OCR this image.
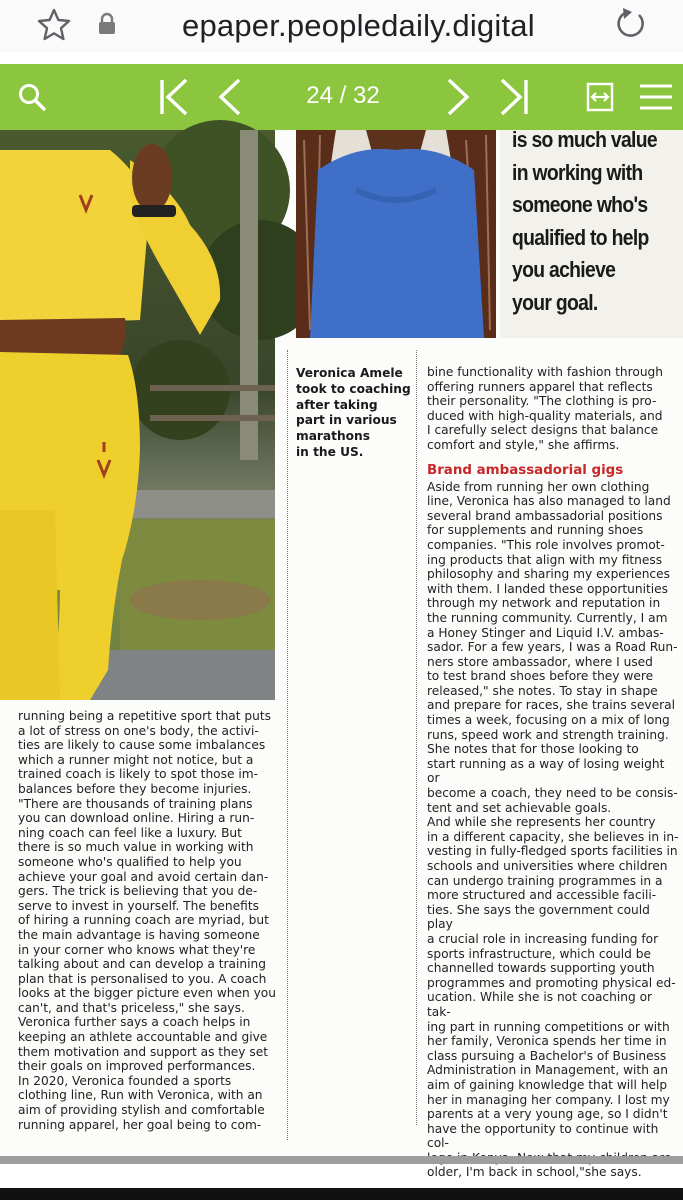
epaper.peopledaily.digital
24 / 32
is so much value
in working with
someone who's
qualified to help
you achieve
your goal.
Veronica Amele
took to coaching
after taking
part in various
marathons
in the US.
running being a repetitive sport that puts
a lot of stress on one's body, the activi-
ties are likely to cause some imbalances
which a runner might not notice, but a
trained coach is likely to spot those im-
balances before they become injuries.
"There are thousands of training plans
you can download online. Hiring a run-
ning coach can feel like a luxury. But
there is so much value in working with
someone who's qualified to help you
achieve your goal and avoid certain dan-
gers. The trick is believing that you de-
serve to invest in yourself. The benefits
of hiring a running coach are myriad, but
the main advantage is having someone
in your corner who knows what they're
talking about and can develop a training
plan that is personalised to you. A coach
looks at the bigger picture even when you
can't, and that's priceless," she says.
Veronica further says a coach helps in
keeping an athlete accountable and give
them motivation and support as they set
their goals on improved performances.
In 2020, Veronica founded a sports
clothing line, Run with Veronica, with an
aim of providing stylish and comfortable
running apparel, her goal being to com-
bine functionality with fashion through
offering runners apparel that reflects
their personality. "The clothing is pro-
duced with high-quality materials, and
I carefully select designs that balance
comfort and style," she affirms.
Brand ambassadorial gigs
Aside from running her own clothing
line, Veronica has also managed to land
several brand ambassadorial positions
for supplements and running shoes
companies. "This role involves promot-
ing products that align with my fitness
philosophy and sharing my experiences
with them. I landed these opportunities
through my network and reputation in
the running community. Currently, I am
a Honey Stinger and Liquid I.V. ambas-
sador. For a few years, I was a Road Run-
ners store ambassador, where I used
to test brand shoes before they were
released," she notes. To stay in shape
and prepare for races, she trains several
times a week, focusing on a mix of long
runs, speed work and strength training.
She notes that for those looking to
start running as a way of losing weight or
become a coach, they need to be consis-
tent and set achievable goals.
And while she represents her country
in a different capacity, she believes in in-
vesting in fully-fledged sports facilities in
schools and universities where children
can undergo training programmes in a
more structured and accessible facili-
ties. She says the government could play
a crucial role in increasing funding for
sports infrastructure, which could be
channelled towards supporting youth
programmes and promoting physical ed-
ucation. While she is not coaching or tak-
ing part in running competitions or with
her family, Veronica spends her time in
class pursuing a Bachelor's of Business
Administration in Management, with an
aim of gaining knowledge that will help
her in managing her company. I lost my
parents at a very young age, so I didn't
have the opportunity to continue with col-

older, I'm back in school,"she says.
